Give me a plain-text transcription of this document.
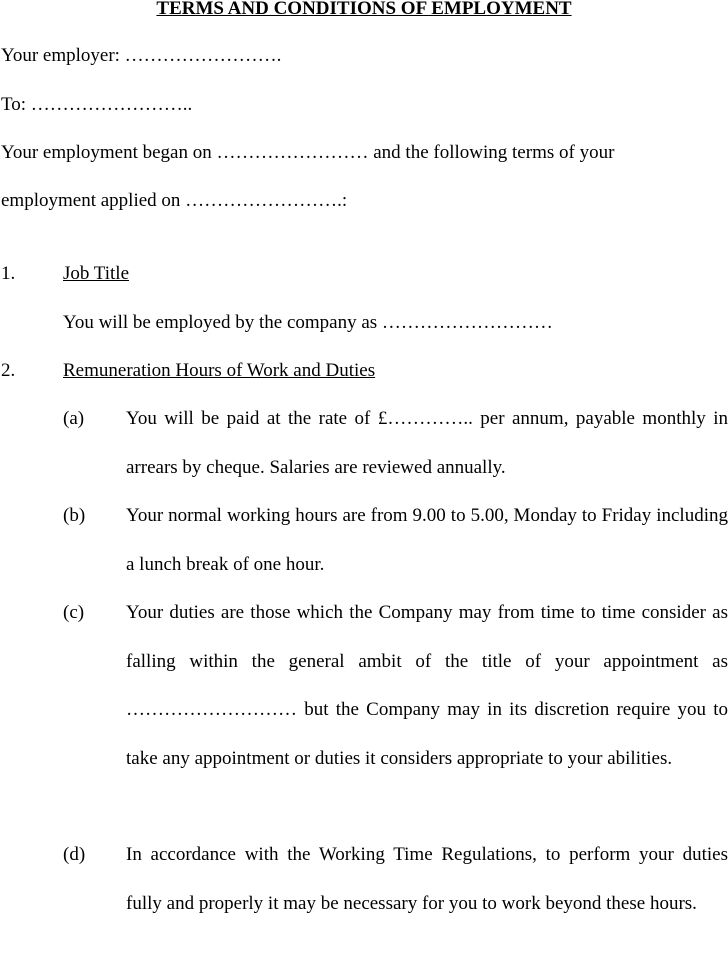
TERMS AND CONDITIONS OF EMPLOYMENT

Your employer: …………………….

To: ……………………..

Your employment began on …………………… and the following terms of your

employment applied on …………………….:

1.	Job Title
You will be employed by the company as ………………………
2.	Remuneration Hours of Work and Duties
(a) You will be paid at the rate of £………….. per annum, payable monthly in arrears by cheque. Salaries are reviewed annually.

(b) Your normal working hours are from 9.00 to 5.00, Monday to Friday including a lunch break of one hour.

(c) Your duties are those which the Company may from time to time consider as falling within the general ambit of the title of your appointment as ……………………… but the Company may in its discretion require you to take any appointment or duties it considers appropriate to your abilities.

(d) In accordance with the Working Time Regulations, to perform your duties fully and properly it may be necessary for you to work beyond these hours.
